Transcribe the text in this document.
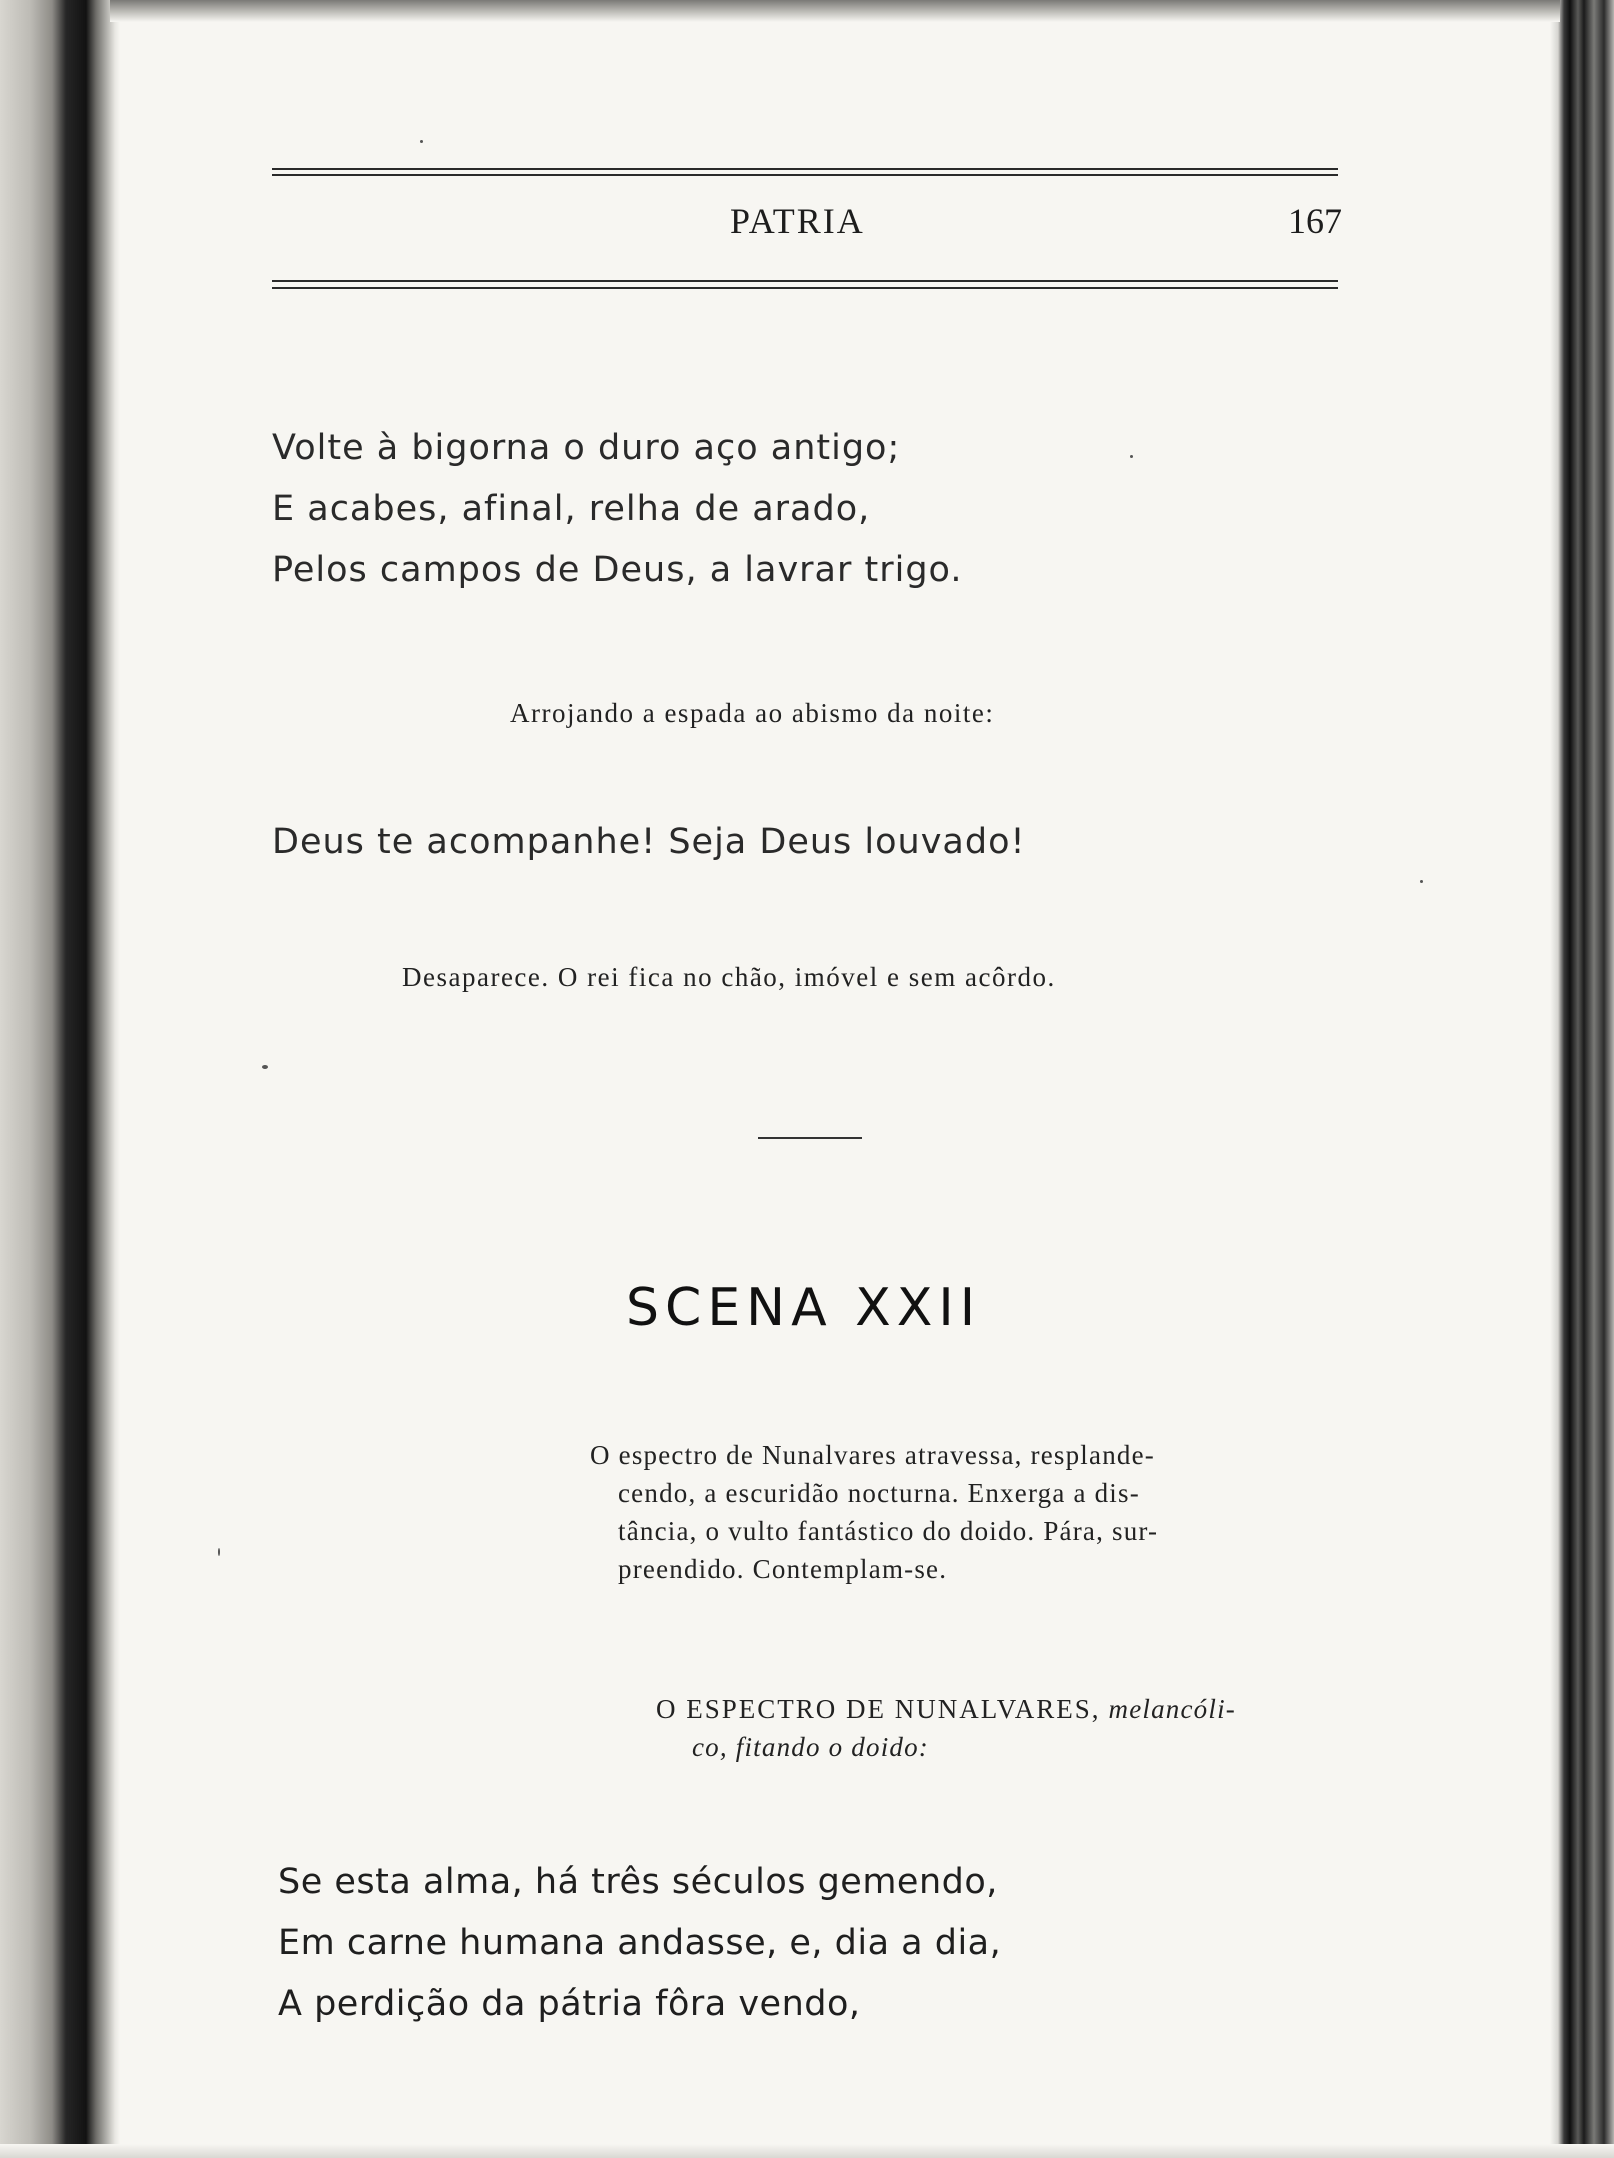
PATRIA	167
Volte à bigorna o duro aço antigo;
E acabes, afinal, relha de arado,
Pelos campos de Deus, a lavrar trigo.
Arrojando a espada ao abismo da noite:
Deus te acompanhe! Seja Deus louvado!
Desaparece. O rei fica no chão, imóvel e sem acôrdo.
SCENA XXII
O espectro de Nunalvares atravessa, resplande-
cendo, a escuridão nocturna. Enxerga a dis-
tância, o vulto fantástico do doido. Pára, sur-
preendido. Contemplam-se.
O ESPECTRO DE NUNALVARES, melancóli-
co, fitando o doido:
Se esta alma, há três séculos gemendo,
Em carne humana andasse, e, dia a dia,
A perdição da pátria fôra vendo,
